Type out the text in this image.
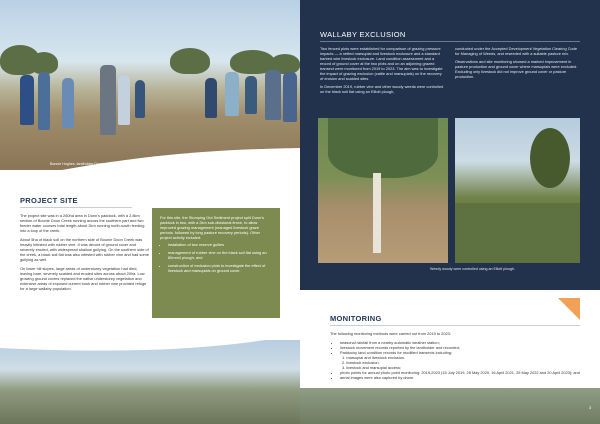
Bonnie Hughes, landholder Damian Wiseman at Dunn's paddock site discussing wallaby grazing pressure.
PROJECT SITE

The project site was in a 260ha area in Dunn's paddock, with a 2.8km section of Boonie Doon Creek running across the southern part and two feeder water courses total length about 2km running north-south feeding into a loop of the creek.

About 5ha of black soil on the northern side of Boonie Doon Creek was heavily infested with rubber vine. It was devoid of ground cover and severely eroded, with widespread shallow gullying. On the southern side of the creek, a black soil flat was also infested with rubber vine and had some gullying as well.

On lower hill slopes, large areas of understorey vegetation had died, leaving bare, severely scalded and eroded sites across about 20ha. Low growing ground covers replaced the native understorey vegetation and extensive areas of exposed current bush and rubber vine provided refuge for a large wallaby population.

For this site, the Stomping Out Sediment project split Dunn's paddock in two, with a 2km sub-divisional fence, to allow improved grazing management (managed livestock graze periods, followed by long pasture recovery periods). Other project activity included:

• installation of two reserve gullies
• management of rubber vine on the black soil flat using an 80mm4 plough; and
• construction of exclusion plots to investigate the effect of livestock and marsupials on ground cover.
WALLABY EXCLUSION

Two fenced plots were established for comparison of grazing pressure impacts — a netted marsupial and livestock exclosure and a standard barbed wire livestock exclosure. Land condition assessment and a record of ground cover at the two plots and on an adjoining grazed transect were monitored from 2019 to 2023. The aim was to investigate the impact of grazing exclusion (cattle and marsupials) on the recovery of erosion and scalded sites.

In December 2019, rubber vine and other woody weeds were controlled on the black soil flat using an Elliott plough,

conducted under the Accepted Development Vegetation Clearing Code for Managing of Weeds, and reseeded with a suitable pasture mix.

Observations and site monitoring showed a marked improvement in pasture production and ground cover where marsupials were excluded. Excluding only livestock did not improve ground cover or pasture production.

Weedy woody were controlled using an Elliott plough.
MONITORING
The following monitoring methods were carried out from 2019 to 2023:
• seasonal rainfall from a nearby automatic weather station;
• livestock movement records reported by the landholder and recorded;
• Paddocky land condition records for modified transects including:
1. marsupial and livestock exclusion.
2. livestock exclusion.
3. livestock and marsupial access;
• photo points for annual photo point monitoring: 2019-2023 (15 July 2019, 28 May 2020, 16 April 2021, 25 May 2022 and 20 April 2023); and
• aerial images were also captured by drone.
3
